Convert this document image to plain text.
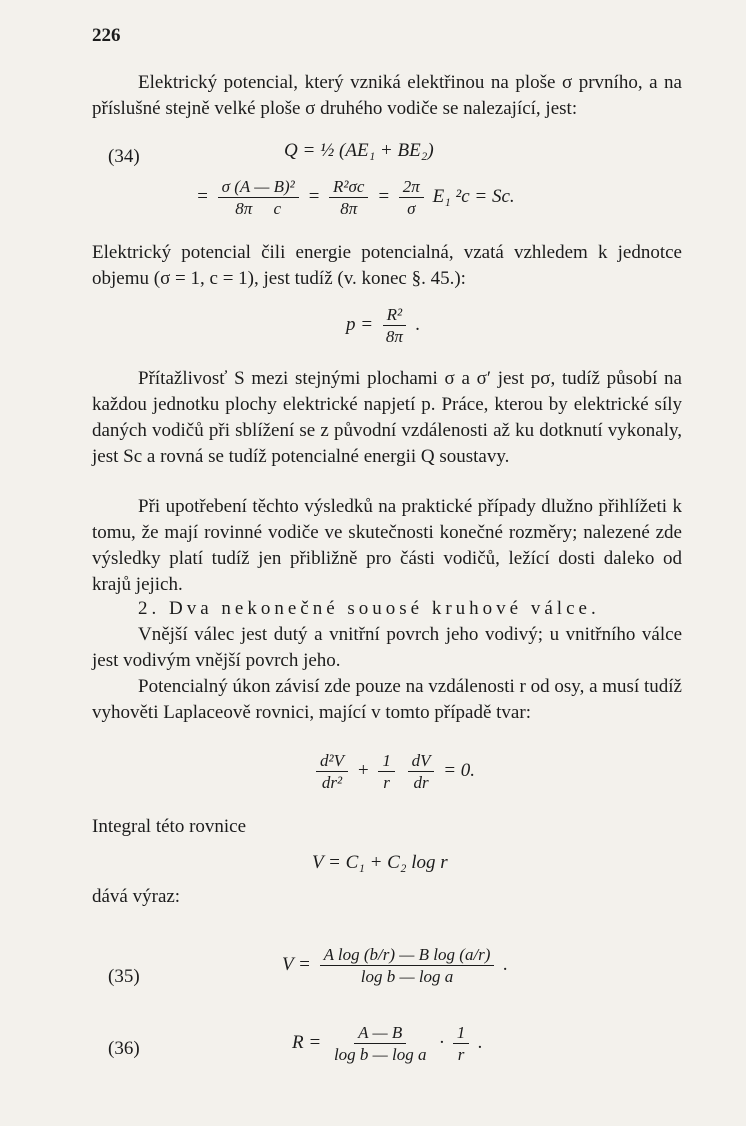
226
Elektrický potencial, který vzniká elektřinou na ploše σ prvního, a na příslušné stejně velké ploše σ druhého vodiče se nalezající, jest:
(34)	Q = ½ (AE₁ + BE₂)
= $\frac{\text{σ (A — B)²}}{\text{8π c}} = \frac{\text{R²σc}}{8\pi} = \frac{2\pi}{\sigma} E_1$ ²c = Sc.
Elektrický potencial čili energie potencialná, vzatá vzhledem k jednotce objemu (σ = 1, c = 1), jest tudíž (v. konec §. 45.):
$p = \frac{\text{R²}}{8\pi}$ .
Přítažlivosť S mezi stejnými plochami σ a σ′ jest pσ, tudíž působí na každou jednotku plochy elektrické napjetí p. Práce, kterou by elektrické síly daných vodičů při sblížení se z původní vzdálenosti až ku dotknutí vykonaly, jest Sc a rovná se tudíž potencialné energii Q soustavy.
Při upotřebení těchto výsledků na praktické případy dlužno přihlížeti k tomu, že mají rovinné vodiče ve skutečnosti konečné rozměry; nalezené zde výsledky platí tudíž jen přibližně pro části vodičů, ležící dosti daleko od krajů jejich.
2. Dva nekonečné souosé kruhové válce.
Vnější válec jest dutý a vnitřní povrch jeho vodivý; u vnitřního válce jest vodivým vnější povrch jeho.
Potencialný úkon závisí zde pouze na vzdálenosti r od osy, a musí tudíž vyhověti Laplaceově rovnici, mající v tomto případě tvar:
$\frac{\text{d²V}}{\text{dr²}} + \frac{1}{r}$
$\frac{dV}{dr} = 0$.
Integral této rovnice
V = C₁ + C₂ log r
dává výraz:
(35)
$V = \frac{\text{A log (b/r) — B log (a/r)}}{\text{log b — log a}}$ .
(36)	$R = \frac{A — B}{\text{log b — log a}} \cdot \frac{1}{r}$ .
